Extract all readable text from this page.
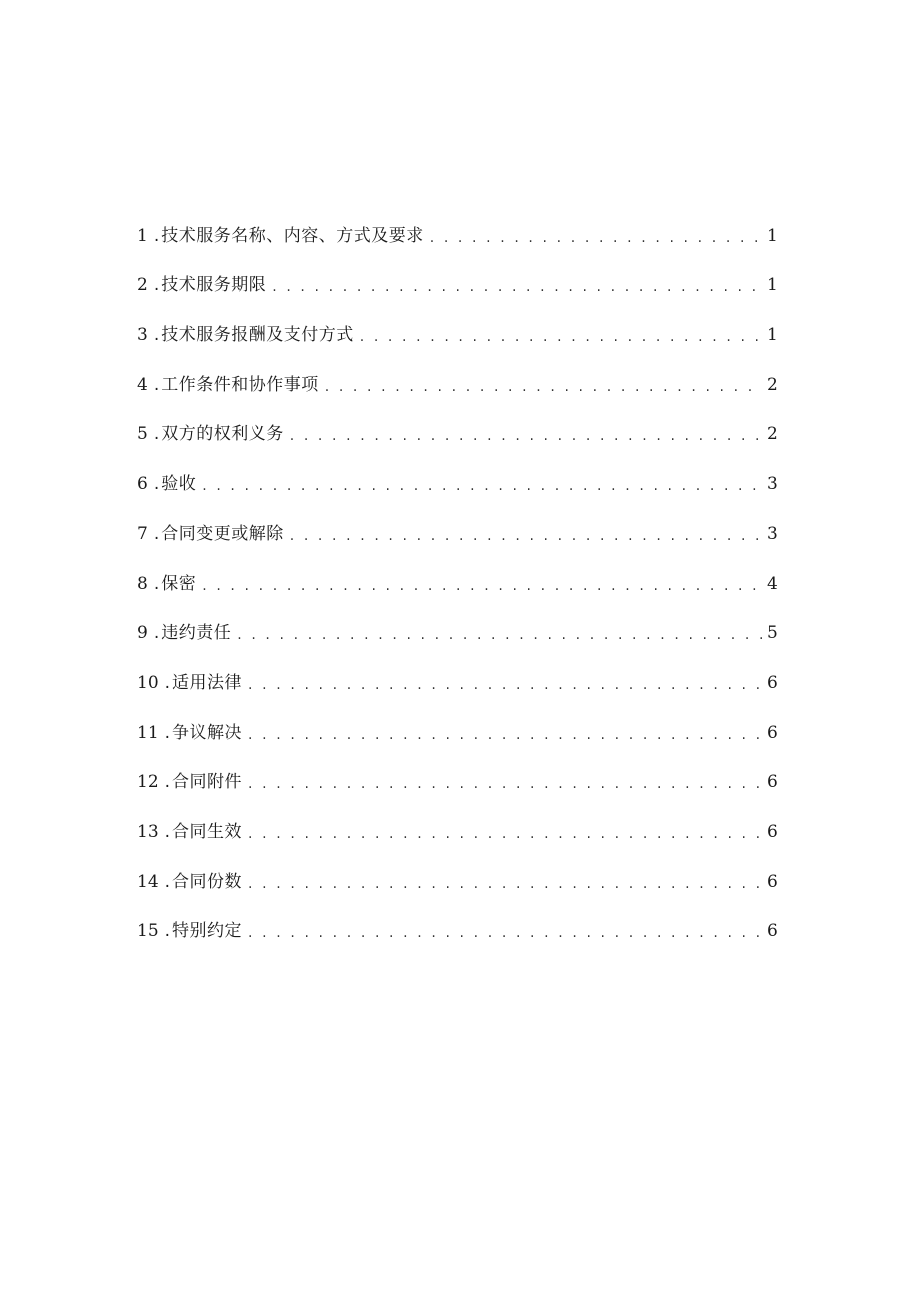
1 . 技术服务名称、内容、方式及要求 . . .	1
2 . 技术服务期限 . . .	1
3 . 技术服务报酬及支付方式 . . .	1
4 . 工作条件和协作事项 . . .	2
5 . 双方的权利义务 . . .	2
6 . 验收 . . .	3
7 . 合同变更或解除 . . .	3
8 . 保密 . . .	4
9 . 违约责任 . . .	5
10 . 适用法律 . . .	6
11 . 争议解决 . . .	6
12 . 合同附件 . . .	6
13 . 合同生效 . . .	6
14 . 合同份数 . . .	6
15 . 特别约定 . . .	6
